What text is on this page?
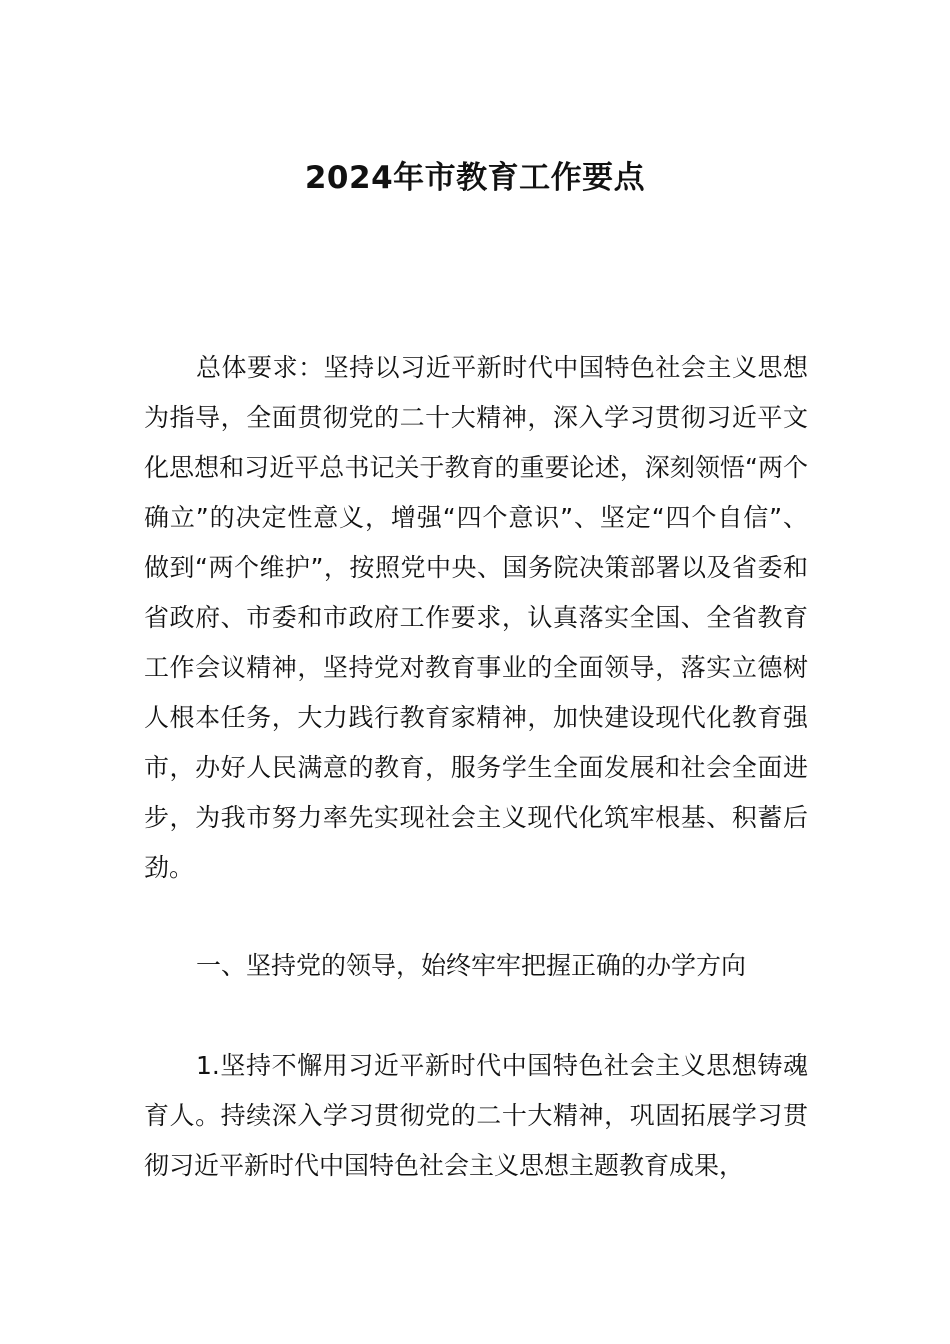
2024年市教育工作要点

总体要求：坚持以习近平新时代中国特色社会主义思想为指导，全面贯彻党的二十大精神，深入学习贯彻习近平文化思想和习近平总书记关于教育的重要论述，深刻领悟“两个确立”的决定性意义，增强“四个意识”、坚定“四个自信”、做到“两个维护”，按照党中央、国务院决策部署以及省委和省政府、市委和市政府工作要求，认真落实全国、全省教育工作会议精神，坚持党对教育事业的全面领导，落实立德树人根本任务，大力践行教育家精神，加快建设现代化教育强市，办好人民满意的教育，服务学生全面发展和社会全面进步，为我市努力率先实现社会主义现代化筑牢根基、积蓄后劲。

一、坚持党的领导，始终牢牢把握正确的办学方向

1.坚持不懈用习近平新时代中国特色社会主义思想铸魂育人。持续深入学习贯彻党的二十大精神，巩固拓展学习贯彻习近平新时代中国特色社会主义思想主题教育成果，
